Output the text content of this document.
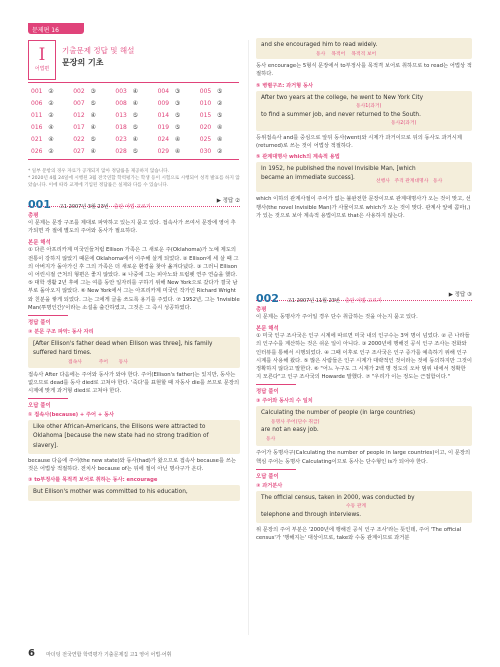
문제편 16
I
어법편
기출문제 정답 및 해설
문장의 기초
001	②	002	③	003	④	004	③	005	⑤
006	②	007	⑤	008	④	009	③	010	②
011	②	012	④	013	⑤	014	⑤	015	⑤
016	④	017	④	018	⑤	019	⑤	020	④
021	④	022	⑤	023	④	024	④	025	④
026	②	027	④	028	⑤	029	④	030	②
* 일부 문항의 경우 자료가 공개되지 않아 정답률을 제공하지 않습니다.
* 2020년 4월 24일에 시행된 3월 전국연합 학력평가는 학생 등이 시험으로 시행되어 성적 발표를 하지 않았습니다. 이에 따라 교재에 기입된 정답률은 실제와 다를 수 있습니다.
001 고1 2007년 3월 23번 출판 어법 고르기
▶ 정답 ②
총평
이 문제는 문장 구조를 제대로 파악하고 있는지 묻고 있다. 접속사가 쓰여서 문장에 영어 추가되면 각 절에 별도의 주어와 동사가 필요하다.
본문 해석
① 다른 아프리카계 미국인들처럼 Ellison 가족은 그 새로운 주(Oklahoma)가 노예 제도의 전통이 강하지 않았기 때문에 Oklahoma에서 이주해 살게 되었다. ② Ellison에 세 살 때 그의 아버지가 돌아가신 후 그의 가족은 더 새로운 환경을 찾아 옮겨다녔다. ③ 그러니 Ellison이 어린시절 근처의 형편은 좋지 않았다. ④ 나중에 그는 피아노와 트럼펫 연주 연습을 했다. ⑤ 대학 생활 2년 후에 그는 여름 동안 일자리를 구하기 위해 New York으로 갔다가 결국 남부로 돌아오지 않았다. ⑥ New York에서 그는 아프리카계 미국인 작가인 Richard Wright와 친분을 쌓게 되었다. 그는 그에게 글을 쓰도록 용기를 주었다. ⑦ 1952년, 그는 'Invisible Man(투명인간)'이라는 소설을 출간하였고, 그것은 그 즉시 성공하였다.
정답 풀이
② 분문 구조 파악: 동사 자리
[After Ellison's father dead when Ellison was three], his family suffered hard times.
접속사	주어 동사
접속사 After 다음에는 주어와 동사가 와야 한다. 주어(Ellison's father)는 있지만, 동사는 없으므로 dead를 동사 died로 고쳐야 한다. '죽다'를 표현할 때 자동사 die를 쓰므로 문장의 시제에 맞게 과거형 died로 고쳐야 한다.
오답 풀이
① 접속사(because) + 주어 + 동사
Like other African-Americans, the Ellisons were attracted to Oklahoma [because the new state had no strong tradition of slavery].
because 다음에 주어(the new state)와 동사(had)가 왔으므로 접속사 because를 쓰는 것은 어법상 적절하다. 전치사 because of는 뒤에 절이 아닌 명사구가 온다.
③ to부정사를 목적격 보어로 취하는 동사: encourage
But Ellison's mother was committed to his education,
and she encouraged him to read widely.
동사 목적어 목적격 보어
동사 encourage는 5형식 문장에서 to부정사를 목적격 보어로 취하므로 to read는 어법상 적절하다.
⑤ 병렬구조: 과거형 동사
After two years at the college, he went to New York City
동사1(과거)
to find a summer job, and never returned to the South.
동사2(과거)
등위접속사 and를 중심으로 앞뒤 동사(went)와 시제가 과거이므로 뒤의 동사도 과거시제(returned)로 쓰는 것이 어법상 적절하다.
⑤ 관계대명사 which의 계속적 용법
In 1952, he published the novel Invisible Man, [which
became an immediate success].
선행사 주격 관계대명사 동사
which 이하의 관계사절이 주어가 없는 불완전한 문장이므로 관계대명사가 오는 것이 맞고, 선행사(the novel Invisible Man)가 사물이므로 which가 오는 것이 맞다. 관계사 앞에 콤마(,)가 있는 것으로 보아 계속적 용법이므로 that은 사용하지 않는다.
002 고1 2007년 11월 23번 출판 어법 고르기
▶ 정답 ③
총평
이 문제는 동명사가 주어일 경우 단수 취급하는 것을 아는지 묻고 있다.
본문 해석
① 미국 인구 조사국은 인구 시계에 따르면 미국 내의 인구수는 3억 명이 넘었다. ② 큰 나라들의 인구수를 계산하는 것은 쉬운 일이 아니다. ③ 2000년에 행해진 공식 인구 조사는 전화와 인터뷰를 통해서 시행되었다. ④ 그때 이후로 인구 조사국은 인구 증가를 예측하기 위해 인구 시계를 사용해 왔다. ⑤ 많은 사람들은 인구 시계가 대략적인 것이라는 것에 동의하지만 그것이 정확하지 않다고 말한다. ⑥ "어느 누구도 그 시계가 2백 명 정도의 오차 범위 내에서 정확한 지 모른다"고 인구 조사국의 Howarde 말했다. ⑦ "우리가 이는 정도는 근접함이다."
정답 풀이
③ 주어와 동사의 수 일치
Calculating the number of people (in large countries)
동명사 주어(단수 취급)
are not an easy job.
동사
주어가 동명사구(Calculating the number of people in large countries)이고, 이 문장의 핵심 주어는 동명사 Calculating이므로 동사는 단수형인 is가 되어야 한다.
오답 풀이
② 과거분사
The official census, taken in 2000, was conducted by
수동 관계
telephone and through interviews.
위 문장의 주어 부분은 '2000년에 행해진 공식 인구 조사'라는 뜻인데, 주어 'The official census'가 '행해지는' 대상이므로, take와 수동 관계이므로 과거분
6 마더텅 전국연합 학력평가 기출문제집 고1 영어 어법·어휘
